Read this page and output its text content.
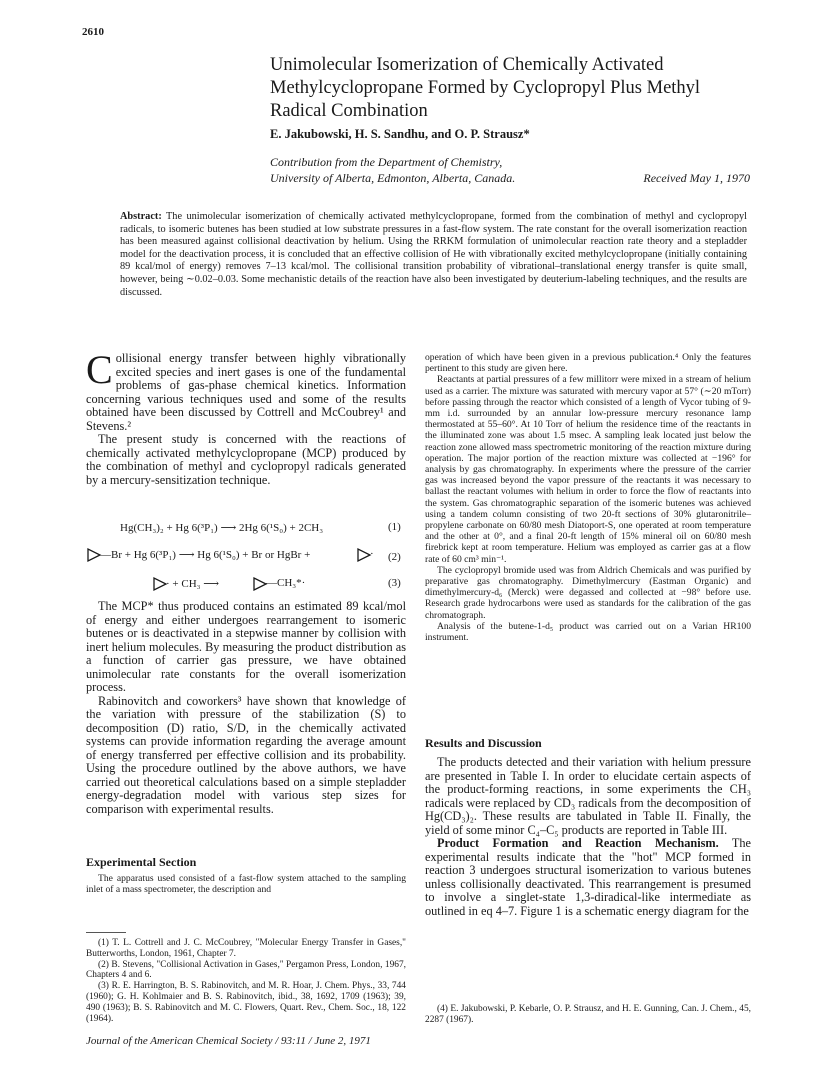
2610
Unimolecular Isomerization of Chemically Activated Methylcyclopropane Formed by Cyclopropyl Plus Methyl Radical Combination
E. Jakubowski, H. S. Sandhu, and O. P. Strausz*
Contribution from the Department of Chemistry,
University of Alberta, Edmonton, Alberta, Canada.	Received May 1, 1970
Abstract: The unimolecular isomerization of chemically activated methylcyclopropane, formed from the combination of methyl and cyclopropyl radicals, to isomeric butenes has been studied at low substrate pressures in a fast-flow system. The rate constant for the overall isomerization reaction has been measured against collisional deactivation by helium. Using the RRKM formulation of unimolecular reaction rate theory and a stepladder model for the deactivation process, it is concluded that an effective collision of He with vibrationally excited methylcyclopropane (initially containing 89 kcal/mol of energy) removes 7–13 kcal/mol. The collisional transition probability of vibrational–translational energy transfer is quite small, however, being ∼0.02–0.03. Some mechanistic details of the reaction have also been investigated by deuterium-labeling techniques, and the results are discussed.
C ollisional energy transfer between highly vibrationally excited species and inert gases is one of the fundamental problems of gas-phase chemical kinetics. Information concerning various techniques used and some of the results obtained have been discussed by Cottrell and McCoubrey¹ and Stevens.²

The present study is concerned with the reactions of chemically activated methylcyclopropane (MCP) produced by the combination of methyl and cyclopropyl radicals generated by a mercury-sensitization technique.

Hg(CH₃)₂ + Hg 6(³P₁) ⟶ 2Hg 6(¹S₀) + 2CH₃	(1)
—Br + Hg 6(³P₁) ⟶ Hg 6(¹S₀) + Br or HgBr +	· (2)
· + CH₃ ⟶	—CH₃*·	(3)

The MCP* thus produced contains an estimated 89 kcal/mol of energy and either undergoes rearrangement to isomeric butenes or is deactivated in a stepwise manner by collision with inert helium molecules. By measuring the product distribution as a function of carrier gas pressure, we have obtained unimolecular rate constants for the overall isomerization process.

Rabinovitch and coworkers³ have shown that knowledge of the variation with pressure of the stabilization (S) to decomposition (D) ratio, S/D, in the chemically activated systems can provide information regarding the average amount of energy transferred per effective collision and its probability. Using the procedure outlined by the above authors, we have carried out theoretical calculations based on a simple stepladder energy-degradation model with various step sizes for comparison with experimental results.

Experimental Section

The apparatus used consisted of a fast-flow system attached to the sampling inlet of a mass spectrometer, the description and

(1) T. L. Cottrell and J. C. McCoubrey, "Molecular Energy Transfer in Gases," Butterworths, London, 1961, Chapter 7.

(2) B. Stevens, "Collisional Activation in Gases," Pergamon Press, London, 1967, Chapters 4 and 6.

(3) R. E. Harrington, B. S. Rabinovitch, and M. R. Hoar, J. Chem. Phys., 33, 744 (1960); G. H. Kohlmaier and B. S. Rabinovitch, ibid., 38, 1692, 1709 (1963); 39, 490 (1963); B. S. Rabinovitch and M. C. Flowers, Quart. Rev., Chem. Soc., 18, 122 (1964).

operation of which have been given in a previous publication.⁴ Only the features pertinent to this study are given here.

Reactants at partial pressures of a few millitorr were mixed in a stream of helium used as a carrier. The mixture was saturated with mercury vapor at 57° (∼20 mTorr) before passing through the reactor which consisted of a length of Vycor tubing of 9-mm i.d. surrounded by an annular low-pressure mercury resonance lamp thermostated at 55–60°. At 10 Torr of helium the residence time of the reactants in the illuminated zone was about 1.5 msec. A sampling leak located just below the reaction zone allowed mass spectrometric monitoring of the reaction mixture during operation. The major portion of the reaction mixture was collected at −196° for analysis by gas chromatography. In experiments where the pressure of the carrier gas was increased beyond the vapor pressure of the reactants it was necessary to ballast the reactant volumes with helium in order to force the flow of reactants into the system. Gas chromatographic separation of the isomeric butenes was achieved using a tandem column consisting of two 20-ft sections of 30% glutaronitrile–propylene carbonate on 60/80 mesh Diatoport-S, one operated at room temperature and the other at 0°, and a final 20-ft length of 15% mineral oil on 60/80 mesh firebrick kept at room temperature. Helium was employed as carrier gas at a flow rate of 60 cm³ min⁻¹.

The cyclopropyl bromide used was from Aldrich Chemicals and was purified by preparative gas chromatography. Dimethylmercury (Eastman Organic) and dimethylmercury-d₆ (Merck) were degassed and collected at −98° before use. Research grade hydrocarbons were used as standards for the calibration of the gas chromatograph.

Analysis of the butene-1-d₅ product was carried out on a Varian HR100 instrument.

Results and Discussion

The products detected and their variation with helium pressure are presented in Table I. In order to elucidate certain aspects of the product-forming reactions, in some experiments the CH₃ radicals were replaced by CD₃ radicals from the decomposition of Hg(CD₃)₂. These results are tabulated in Table II. Finally, the yield of some minor C₄–C₅ products are reported in Table III.

Product Formation and Reaction Mechanism. The experimental results indicate that the "hot" MCP formed in reaction 3 undergoes structural isomerization to various butenes unless collisionally deactivated. This rearrangement is presumed to involve a singlet-state 1,3-diradical-like intermediate as outlined in eq 4–7. Figure 1 is a schematic energy diagram for the

(4) E. Jakubowski, P. Kebarle, O. P. Strausz, and H. E. Gunning, Can. J. Chem., 45, 2287 (1967).

Journal of the American Chemical Society / 93:11 / June 2, 1971
